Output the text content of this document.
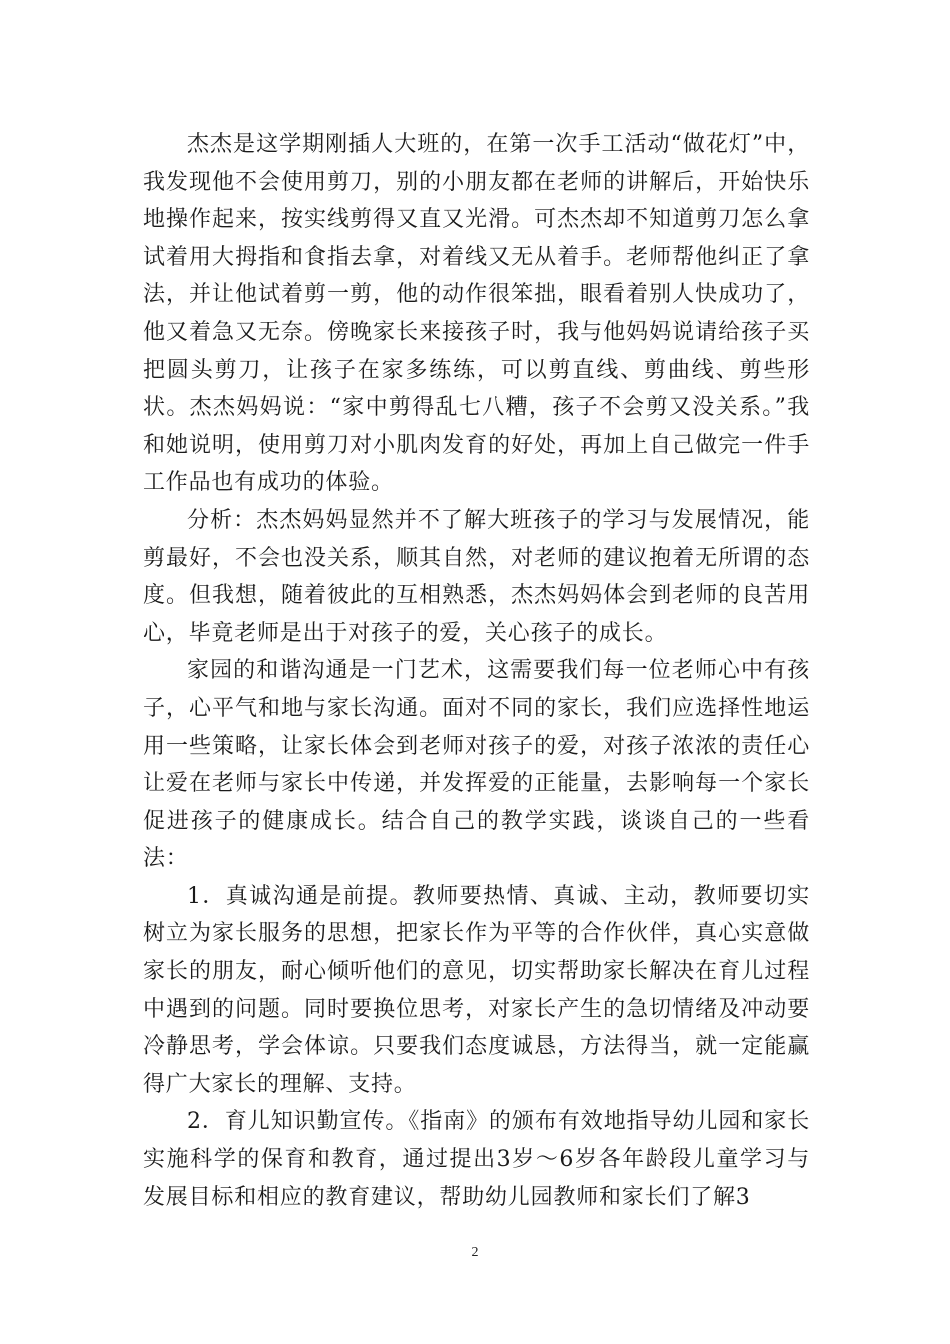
杰杰是这学期刚插人大班的，在第一次手工活动“做花灯”中，我发现他不会使用剪刀，别的小朋友都在老师的讲解后，开始快乐地操作起来，按实线剪得又直又光滑。可杰杰却不知道剪刀怎么拿试着用大拇指和食指去拿，对着线又无从着手。老师帮他纠正了拿法，并让他试着剪一剪，他的动作很笨拙，眼看着别人快成功了，他又着急又无奈。傍晚家长来接孩子时，我与他妈妈说请给孩子买把圆头剪刀，让孩子在家多练练，可以剪直线、剪曲线、剪些形状。杰杰妈妈说：“家中剪得乱七八糟，孩子不会剪又没关系。”我和她说明，使用剪刀对小肌肉发育的好处，再加上自己做完一件手工作品也有成功的体验。

分析：杰杰妈妈显然并不了解大班孩子的学习与发展情况，能剪最好，不会也没关系，顺其自然，对老师的建议抱着无所谓的态度。但我想，随着彼此的互相熟悉，杰杰妈妈体会到老师的良苦用心，毕竟老师是出于对孩子的爱，关心孩子的成长。

家园的和谐沟通是一门艺术，这需要我们每一位老师心中有孩子，心平气和地与家长沟通。面对不同的家长，我们应选择性地运用一些策略，让家长体会到老师对孩子的爱，对孩子浓浓的责任心让爱在老师与家长中传递，并发挥爱的正能量，去影响每一个家长促进孩子的健康成长。结合自己的教学实践，谈谈自己的一些看法：

1．真诚沟通是前提。教师要热情、真诚、主动，教师要切实树立为家长服务的思想，把家长作为平等的合作伙伴，真心实意做家长的朋友，耐心倾听他们的意见，切实帮助家长解决在育儿过程中遇到的问题。同时要换位思考，对家长产生的急切情绪及冲动要冷静思考，学会体谅。只要我们态度诚恳，方法得当，就一定能赢得广大家长的理解、支持。

2．育儿知识勤宣传。《指南》的颁布有效地指导幼儿园和家长实施科学的保育和教育，通过提出3岁～6岁各年龄段儿童学习与发展目标和相应的教育建议，帮助幼儿园教师和家长们了解3

2
